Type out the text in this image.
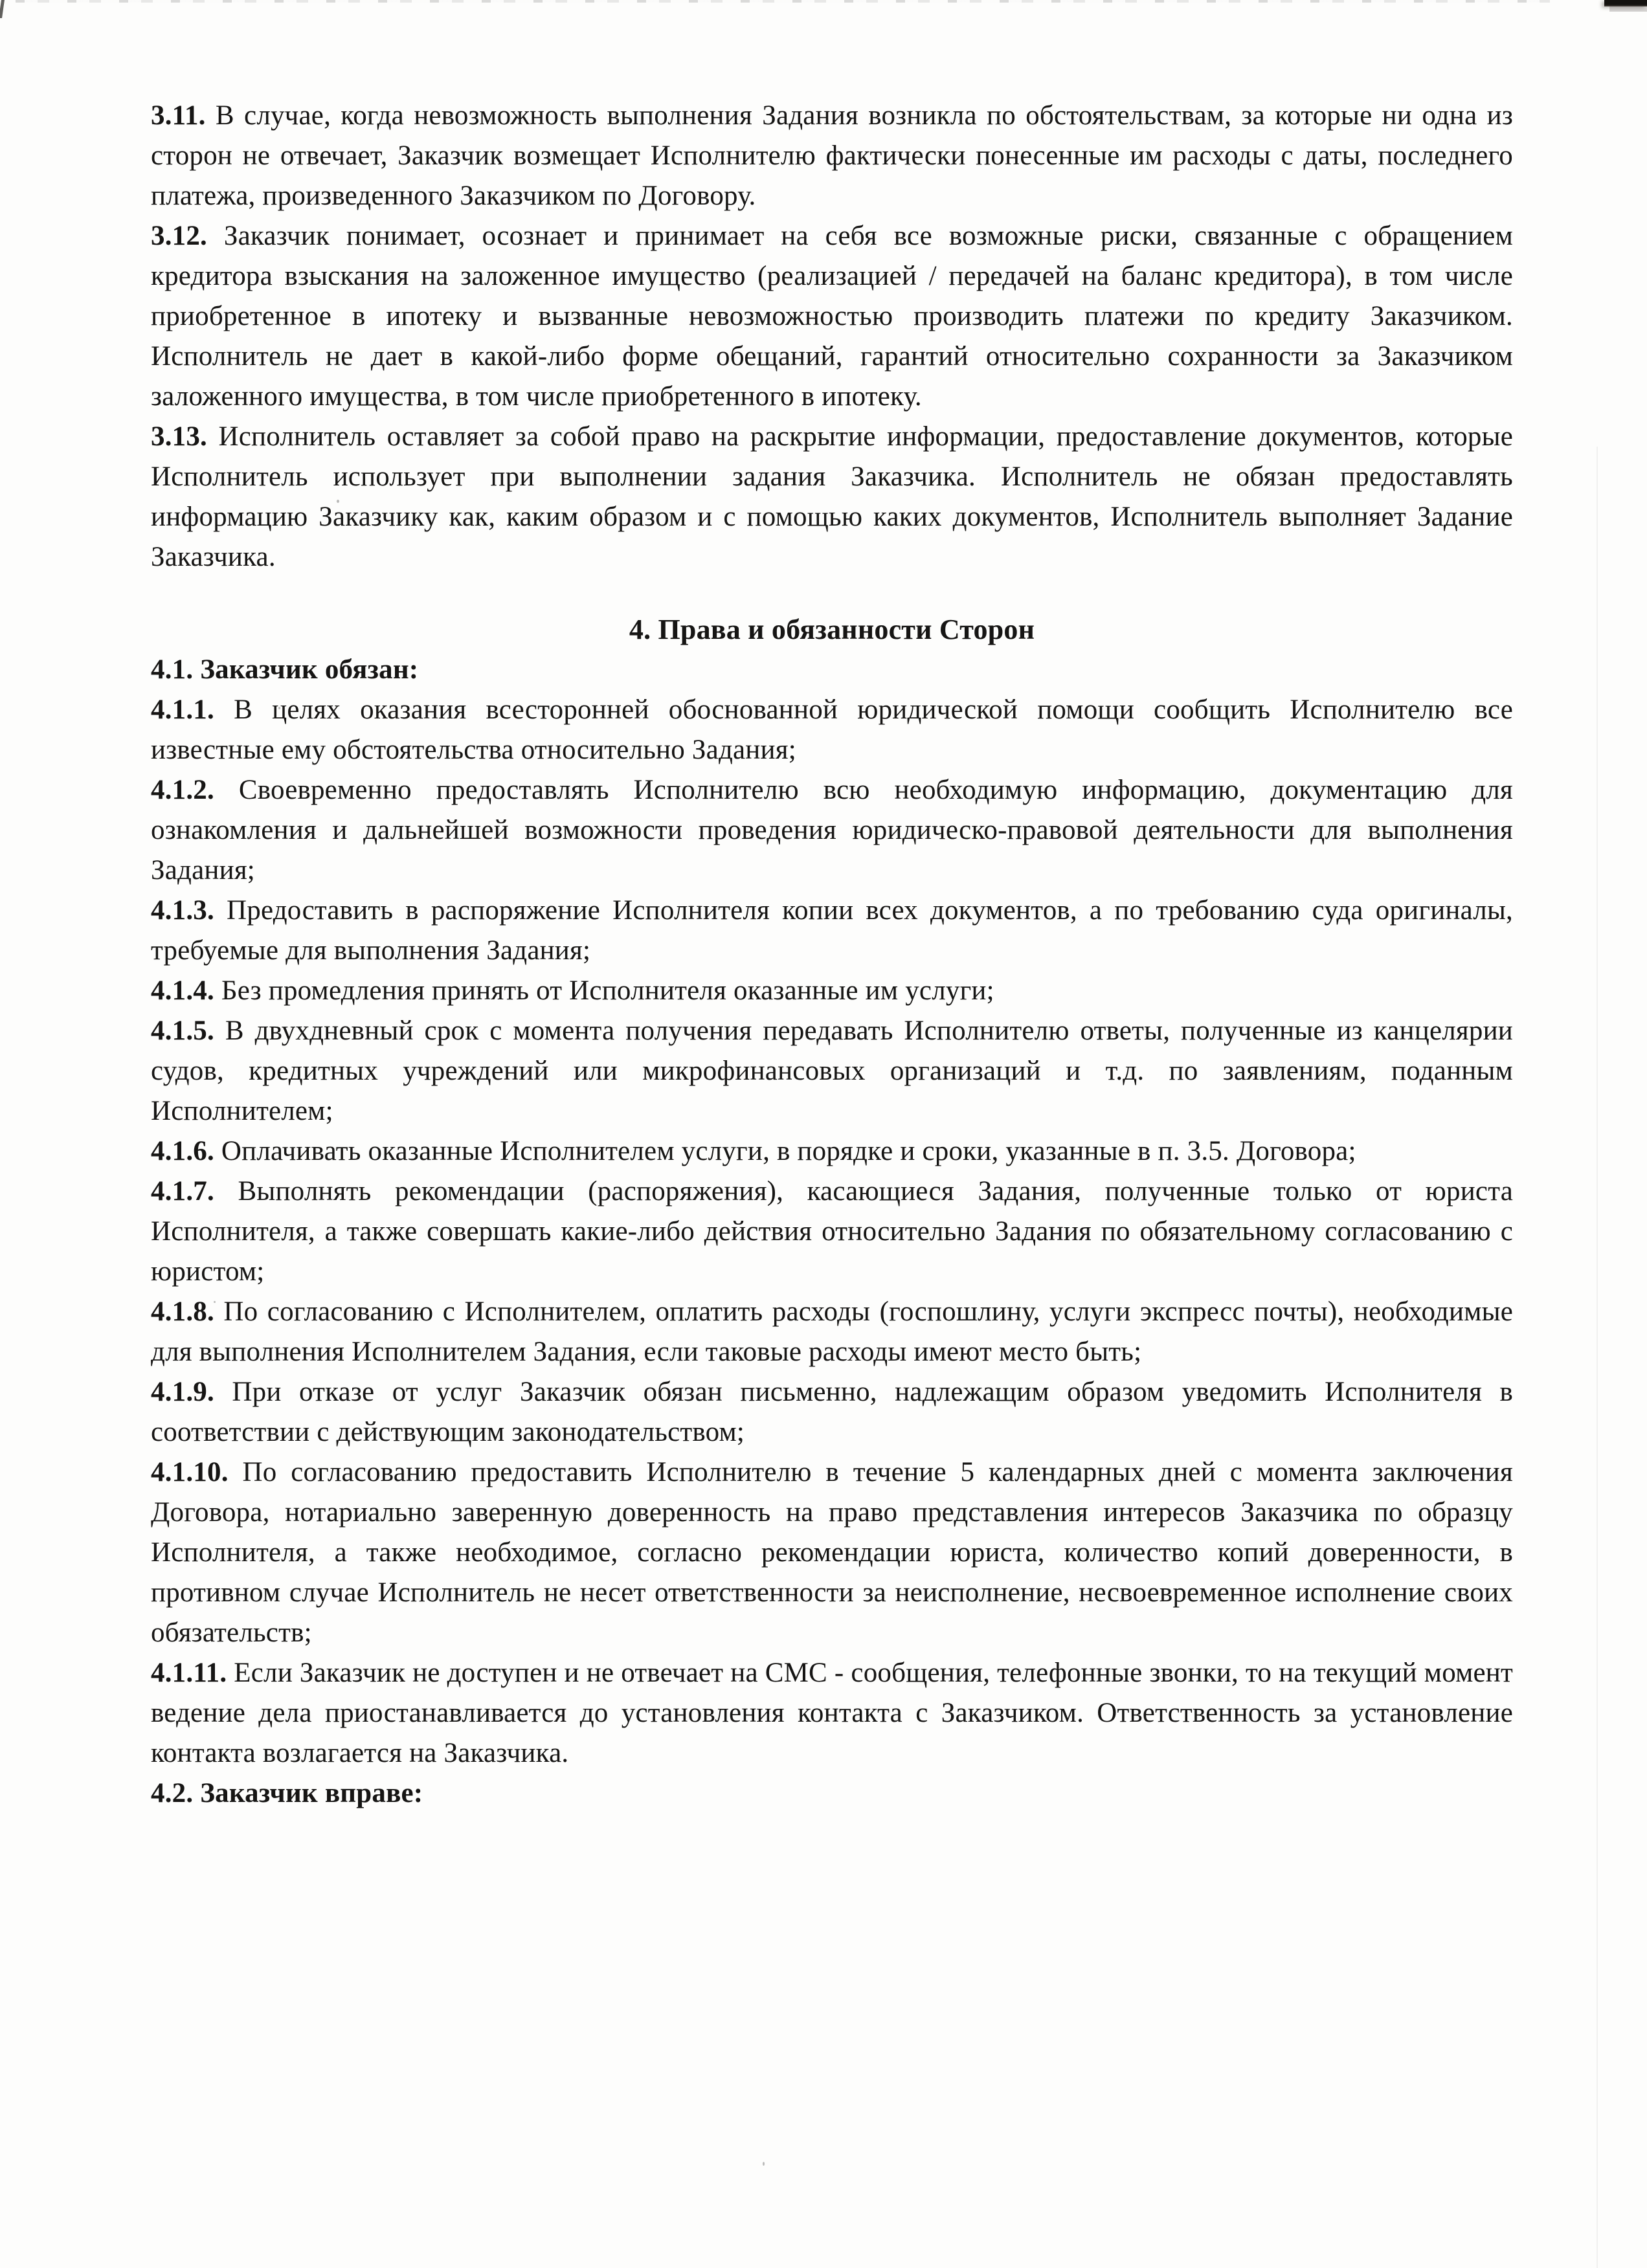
3.11. В случае, когда невозможность выполнения Задания возникла по обстоятельствам, за которые ни одна из сторон не отвечает, Заказчик возмещает Исполнителю фактически понесенные им расходы с даты, последнего платежа, произведенного Заказчиком по Договору.

3.12. Заказчик понимает, осознает и принимает на себя все возможные риски, связанные с обращением кредитора взыскания на заложенное имущество (реализацией / передачей на баланс кредитора), в том числе приобретенное в ипотеку и вызванные невозможностью производить платежи по кредиту Заказчиком. Исполнитель не дает в какой-либо форме обещаний, гарантий относительно сохранности за Заказчиком заложенного имущества, в том числе приобретенного в ипотеку.

3.13. Исполнитель оставляет за собой право на раскрытие информации, предоставление документов, которые Исполнитель использует при выполнении задания Заказчика. Исполнитель не обязан предоставлять информацию Заказчику как, каким образом и с помощью каких документов, Исполнитель выполняет Задание Заказчика.

4. Права и обязанности Сторон

4.1. Заказчик обязан:

4.1.1. В целях оказания всесторонней обоснованной юридической помощи сообщить Исполнителю все известные ему обстоятельства относительно Задания;

4.1.2. Своевременно предоставлять Исполнителю всю необходимую информацию, документацию для ознакомления и дальнейшей возможности проведения юридическо-правовой деятельности для выполнения Задания;

4.1.3. Предоставить в распоряжение Исполнителя копии всех документов, а по требованию суда оригиналы, требуемые для выполнения Задания;

4.1.4. Без промедления принять от Исполнителя оказанные им услуги;

4.1.5. В двухдневный срок с момента получения передавать Исполнителю ответы, полученные из канцелярии судов, кредитных учреждений или микрофинансовых организаций и т.д. по заявлениям, поданным Исполнителем;

4.1.6. Оплачивать оказанные Исполнителем услуги, в порядке и сроки, указанные в п. 3.5. Договора;

4.1.7. Выполнять рекомендации (распоряжения), касающиеся Задания, полученные только от юриста Исполнителя, а также совершать какие-либо действия относительно Задания по обязательному согласованию с юристом;

4.1.8. По согласованию с Исполнителем, оплатить расходы (госпошлину, услуги экспресс почты), необходимые для выполнения Исполнителем Задания, если таковые расходы имеют место быть;

4.1.9. При отказе от услуг Заказчик обязан письменно, надлежащим образом уведомить Исполнителя в соответствии с действующим законодательством;

4.1.10. По согласованию предоставить Исполнителю в течение 5 календарных дней с момента заключения Договора, нотариально заверенную доверенность на право представления интересов Заказчика по образцу Исполнителя, а также необходимое, согласно рекомендации юриста, количество копий доверенности, в противном случае Исполнитель не несет ответственности за неисполнение, несвоевременное исполнение своих обязательств;

4.1.11. Если Заказчик не доступен и не отвечает на СМС - сообщения, телефонные звонки, то на текущий момент ведение дела приостанавливается до установления контакта с Заказчиком. Ответственность за установление контакта возлагается на Заказчика.

4.2. Заказчик вправе:
